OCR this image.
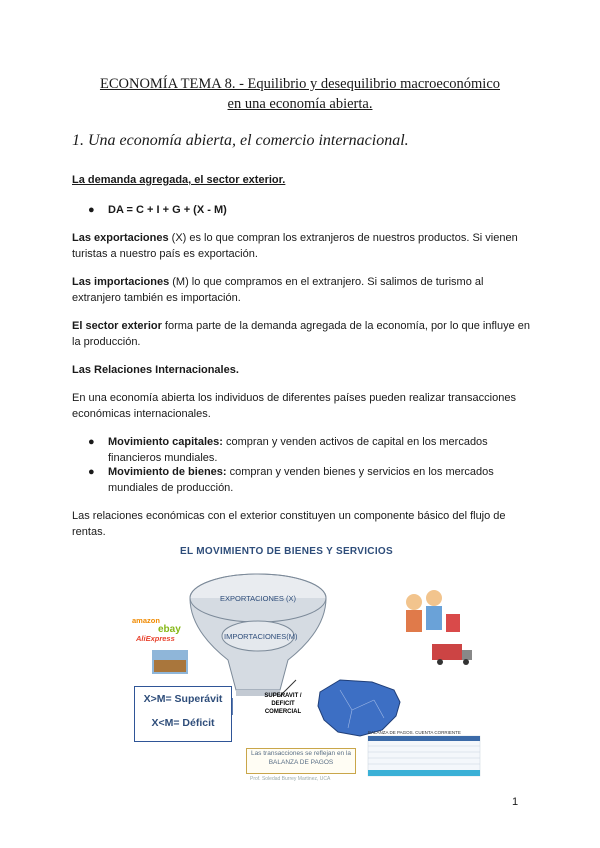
ECONOMÍA TEMA 8. - Equilibrio y desequilibrio macroeconómico
en una economía abierta.
1. Una economía abierta, el comercio internacional.
La demanda agregada, el sector exterior.
● DA = C + I + G + (X - M)
Las exportaciones (X) es lo que compran los extranjeros de nuestros productos. Si vienen turistas a nuestro país es exportación.
Las importaciones (M) lo que compramos en el extranjero. Si salimos de turismo al extranjero también es importación.
El sector exterior forma parte de la demanda agregada de la economía, por lo que influye en la producción.
Las Relaciones Internacionales.
En una economía abierta los individuos de diferentes países pueden realizar transacciones económicas internacionales.
● Movimiento capitales: compran y venden activos de capital en los mercados financieros mundiales.
● Movimiento de bienes: compran y venden bienes y servicios en los mercados mundiales de producción.
Las relaciones económicas con el exterior constituyen un componente básico del flujo de rentas.
EL MOVIMIENTO DE BIENES Y SERVICIOS
EXPORTACIONES (X)
IMPORTACIONES(M)
amazon
ebay
AliExpress
X>M= Superávit
X<M= Déficit
SUPERAVIT / DEFICIT COMERCIAL
Las transacciones se reflejan en la BALANZA DE PAGOS
Prof. Soledad Burrey Martinez, UCA
BALANZA DE PAGOS. CUENTA CORRIENTE
1
